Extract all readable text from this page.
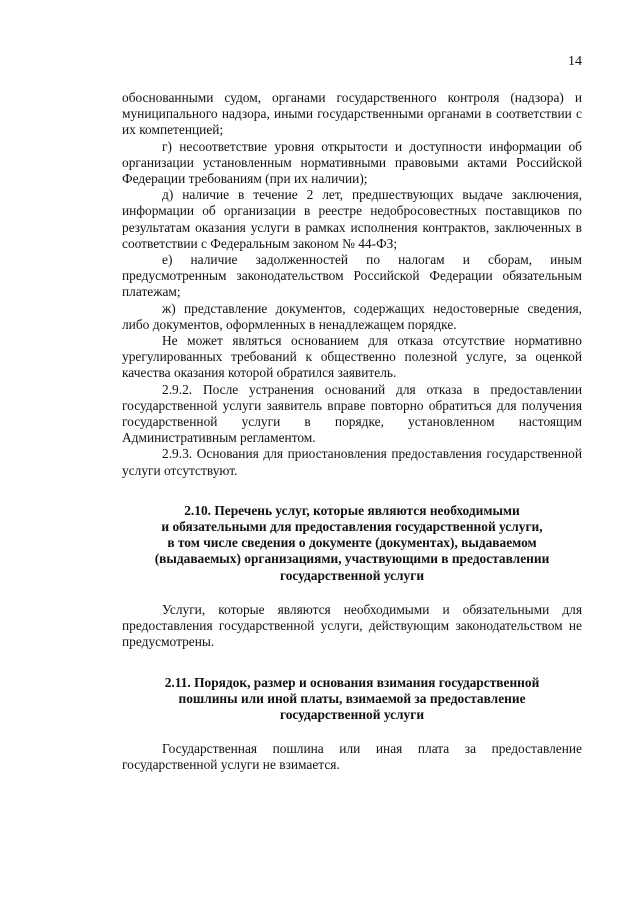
14

обоснованными судом, органами государственного контроля (надзора) и муниципального надзора, иными государственными органами в соответствии с их компетенцией;

г) несоответствие уровня открытости и доступности информации об организации установленным нормативными правовыми актами Российской Федерации требованиям (при их наличии);

д) наличие в течение 2 лет, предшествующих выдаче заключения, информации об организации в реестре недобросовестных поставщиков по результатам оказания услуги в рамках исполнения контрактов, заключенных в соответствии с Федеральным законом № 44-ФЗ;

е) наличие задолженностей по налогам и сборам, иным предусмотренным законодательством Российской Федерации обязательным платежам;

ж) представление документов, содержащих недостоверные сведения, либо документов, оформленных в ненадлежащем порядке.

Не может являться основанием для отказа отсутствие нормативно урегулированных требований к общественно полезной услуге, за оценкой качества оказания которой обратился заявитель.

2.9.2. После устранения оснований для отказа в предоставлении государственной услуги заявитель вправе повторно обратиться для получения государственной услуги в порядке, установленном настоящим Административным регламентом.

2.9.3. Основания для приостановления предоставления государственной услуги отсутствуют.

2.10. Перечень услуг, которые являются необходимыми

и обязательными для предоставления государственной услуги,

в том числе сведения о документе (документах), выдаваемом

(выдаваемых) организациями, участвующими в предоставлении

государственной услуги

Услуги, которые являются необходимыми и обязательными для предоставления государственной услуги, действующим законодательством не предусмотрены.

2.11. Порядок, размер и основания взимания государственной

пошлины или иной платы, взимаемой за предоставление

государственной услуги

Государственная пошлина или иная плата за предоставление государственной услуги не взимается.
